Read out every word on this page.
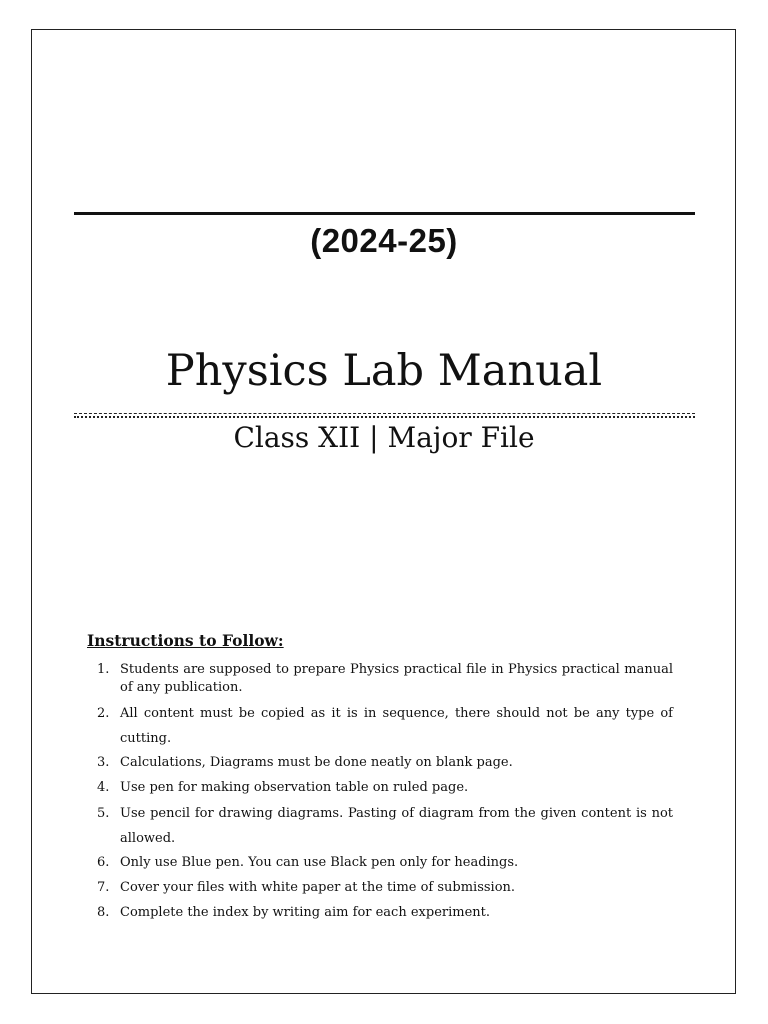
(2024-25)
Physics Lab Manual
Class XII | Major File
Instructions to Follow:
1. Students are supposed to prepare Physics practical file in Physics practical manual of any publication.
2. All content must be copied as it is in sequence, there should not be any type of cutting.
3. Calculations, Diagrams must be done neatly on blank page.
4. Use pen for making observation table on ruled page.
5. Use pencil for drawing diagrams. Pasting of diagram from the given content is not allowed.
6. Only use Blue pen. You can use Black pen only for headings.
7. Cover your files with white paper at the time of submission.
8. Complete the index by writing aim for each experiment.
